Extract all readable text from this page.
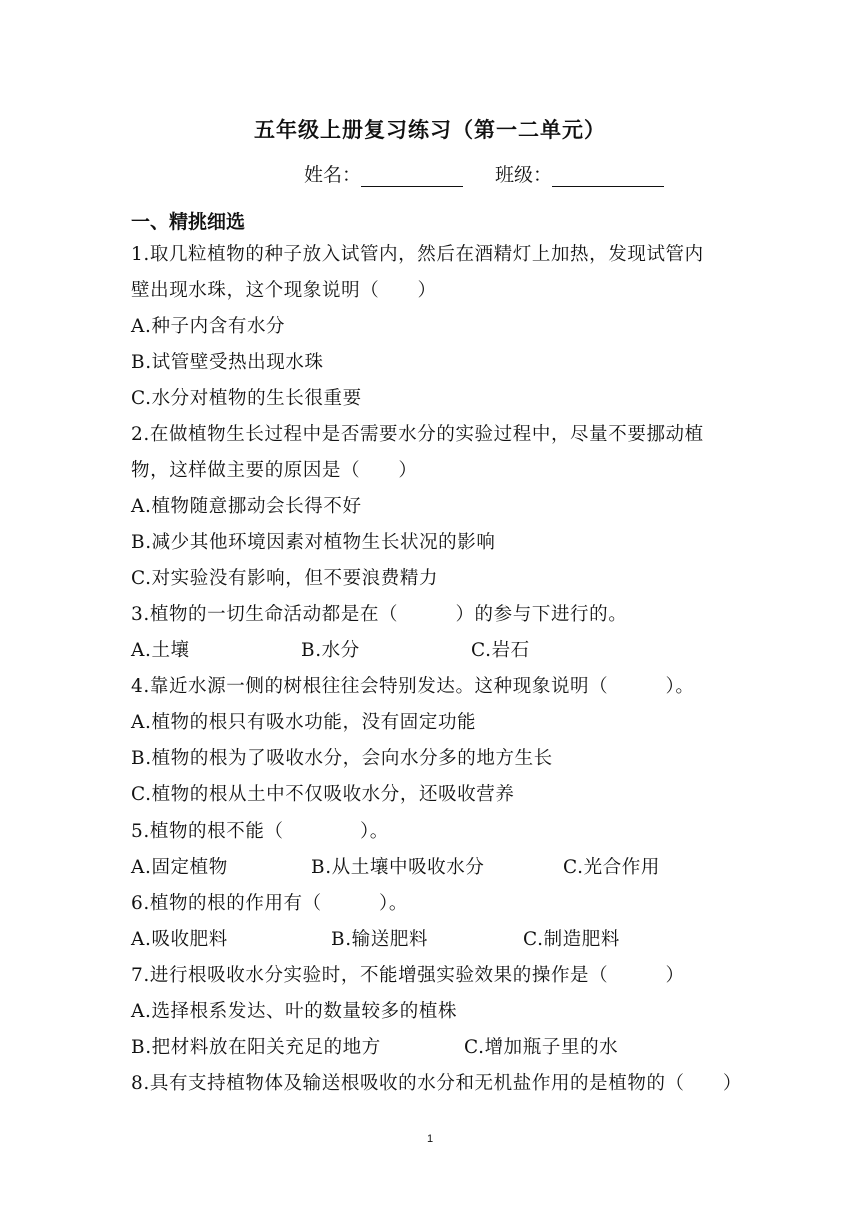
五年级上册复习练习（第一二单元）
姓名：	班级：
一、精挑细选
1.取几粒植物的种子放入试管内，然后在酒精灯上加热，发现试管内
壁出现水珠，这个现象说明（　　）
A.种子内含有水分
B.试管壁受热出现水珠
C.水分对植物的生长很重要
2.在做植物生长过程中是否需要水分的实验过程中，尽量不要挪动植
物，这样做主要的原因是（　　）
A.植物随意挪动会长得不好
B.减少其他环境因素对植物生长状况的影响
C.对实验没有影响，但不要浪费精力
3.植物的一切生命活动都是在（　　　）的参与下进行的。
A.土壤	B.水分	C.岩石
4.靠近水源一侧的树根往往会特别发达。这种现象说明（　　　）。
A.植物的根只有吸水功能，没有固定功能
B.植物的根为了吸收水分，会向水分多的地方生长
C.植物的根从土中不仅吸收水分，还吸收营养
5.植物的根不能（　　　　）。
A.固定植物	B.从土壤中吸收水分	C.光合作用
6.植物的根的作用有（　　　）。
A.吸收肥料	B.输送肥料	C.制造肥料
7.进行根吸收水分实验时，不能增强实验效果的操作是（　　　）
A.选择根系发达、叶的数量较多的植株
B.把材料放在阳关充足的地方	C.增加瓶子里的水
8.具有支持植物体及输送根吸收的水分和无机盐作用的是植物的（　　）
1
